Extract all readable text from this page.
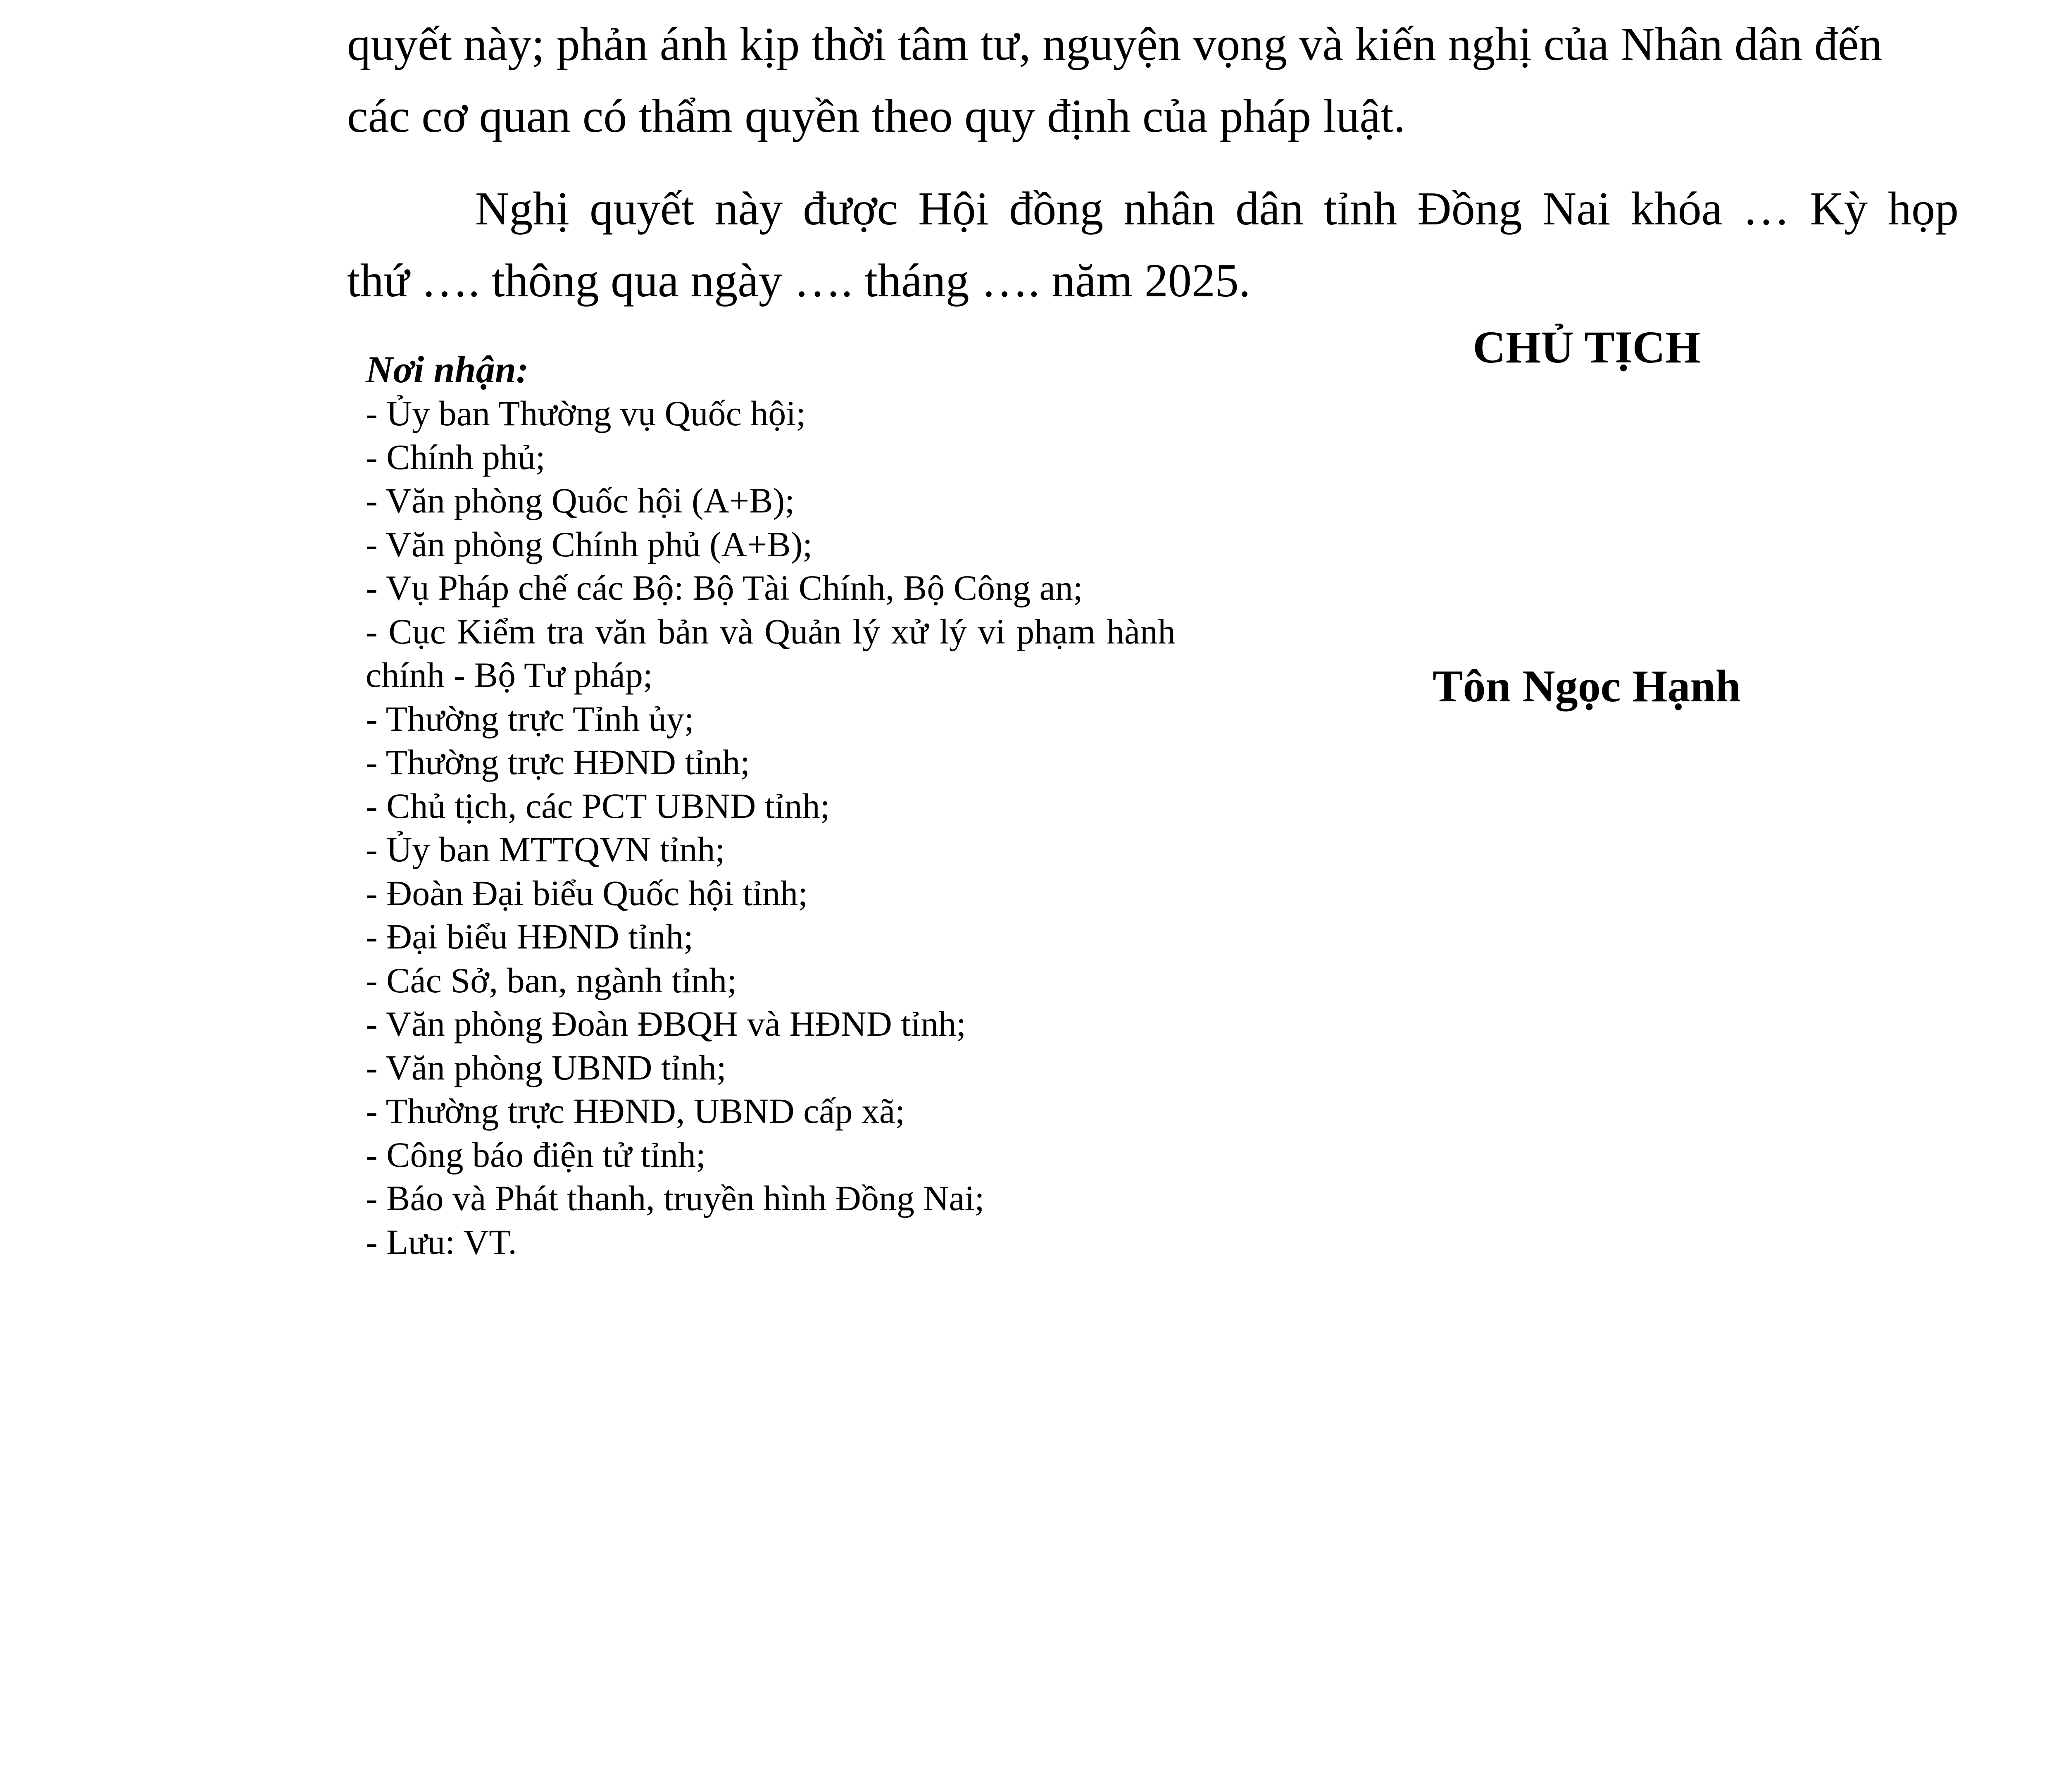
quyết này; phản ánh kịp thời tâm tư, nguyện vọng và kiến nghị của Nhân dân đến
các cơ quan có thẩm quyền theo quy định của pháp luật.
Nghị quyết này được Hội đồng nhân dân tỉnh Đồng Nai khóa … Kỳ họp
thứ …. thông qua ngày …. tháng …. năm 2025.
Nơi nhận:
- Ủy ban Thường vụ Quốc hội;
- Chính phủ;
- Văn phòng Quốc hội (A+B);
- Văn phòng Chính phủ (A+B);
- Vụ Pháp chế các Bộ: Bộ Tài Chính, Bộ Công an;
- Cục Kiểm tra văn bản và Quản lý xử lý vi phạm hành chính - Bộ Tư pháp;
- Thường trực Tỉnh ủy;
- Thường trực HĐND tỉnh;
- Chủ tịch, các PCT UBND tỉnh;
- Ủy ban MTTQVN tỉnh;
- Đoàn Đại biểu Quốc hội tỉnh;
- Đại biểu HĐND tỉnh;
- Các Sở, ban, ngành tỉnh;
- Văn phòng Đoàn ĐBQH và HĐND tỉnh;
- Văn phòng UBND tỉnh;
- Thường trực HĐND, UBND cấp xã;
- Công báo điện tử tỉnh;
- Báo và Phát thanh, truyền hình Đồng Nai;
- Lưu: VT.
CHỦ TỊCH
Tôn Ngọc Hạnh
